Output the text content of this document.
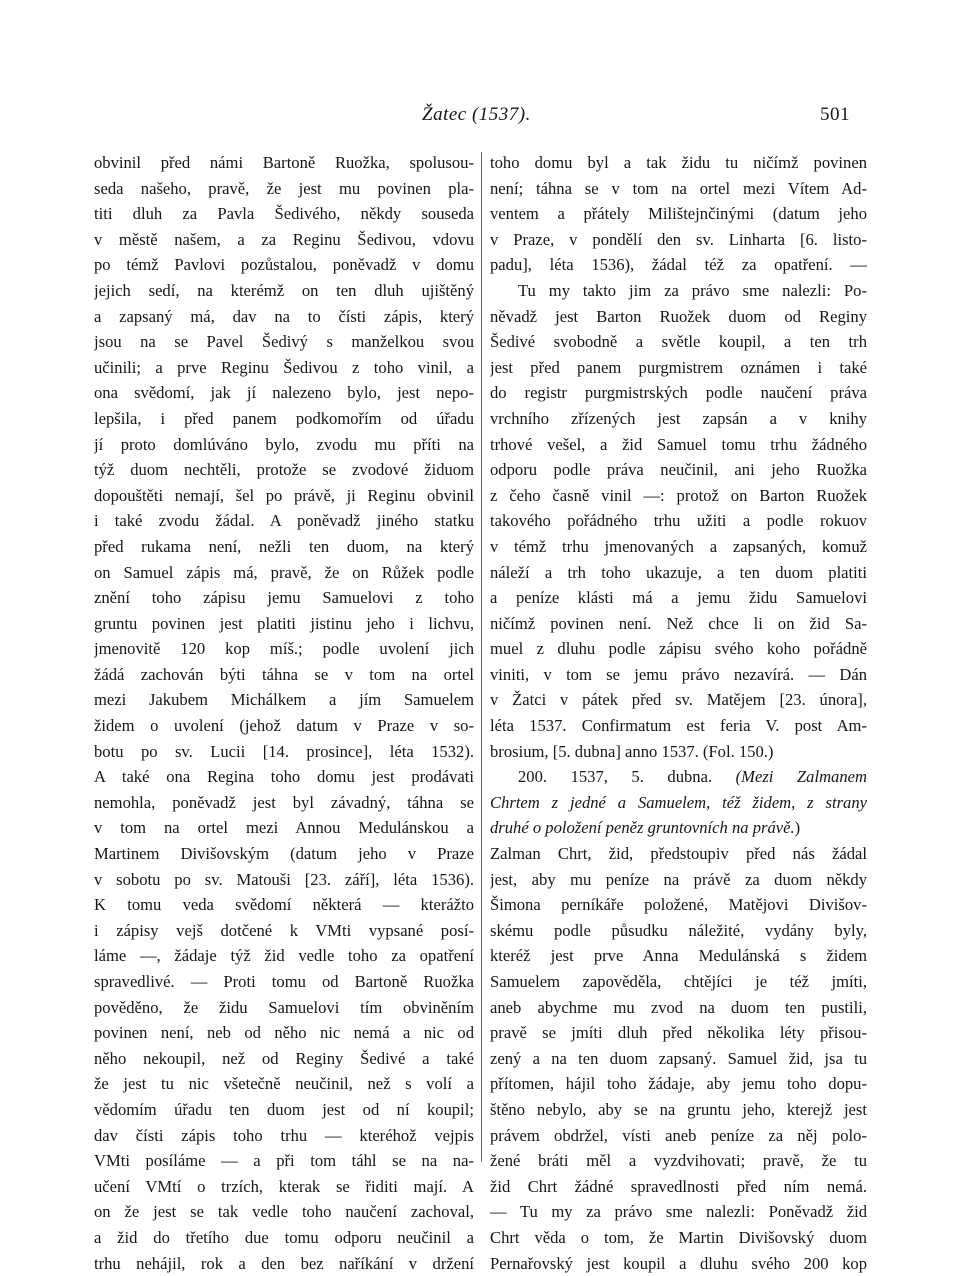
Žatec (1537).	501
obvinil před námi Bartoně Ruožka, spolusou-
seda našeho, pravě, že jest mu povinen pla-
titi dluh za Pavla Šedivého, někdy souseda
v městě našem, a za Reginu Šedivou, vdovu
po témž Pavlovi pozůstalou, poněvadž v domu
jejich sedí, na kterémž on ten dluh ujištěný
a zapsaný má, dav na to čísti zápis, který
jsou na se Pavel Šedivý s manželkou svou
učinili; a prve Reginu Šedivou z toho vinil, a
ona svědomí, jak jí nalezeno bylo, jest nepo-
lepšila, i před panem podkomořím od úřadu
jí proto domlúváno bylo, zvodu mu příti na
týž duom nechtěli, protože se zvodové židuom
dopouštěti nemají, šel po právě, ji Reginu obvinil
i také zvodu žádal. A poněvadž jiného statku
před rukama není, nežli ten duom, na který
on Samuel zápis má, pravě, že on Růžek podle
znění toho zápisu jemu Samuelovi z toho
gruntu povinen jest platiti jistinu jeho i lichvu,
jmenovitě 120 kop míš.; podle uvolení jich
žádá zachován býti táhna se v tom na ortel
mezi Jakubem Michálkem a jím Samuelem
židem o uvolení (jehož datum v Praze v so-
botu po sv. Lucii [14. prosince], léta 1532).
A také ona Regina toho domu jest prodávati
nemohla, poněvadž jest byl závadný, táhna se
v tom na ortel mezi Annou Medulánskou a
Martinem Divišovským (datum jeho v Praze
v sobotu po sv. Matouši [23. září], léta 1536).
K tomu veda svědomí některá — kterážto
i zápisy vejš dotčené k VMti vypsané posí-
láme —, žádaje týž žid vedle toho za opatření
spravedlivé. — Proti tomu od Bartoně Ruožka
pověděno, že židu Samuelovi tím obviněním
povinen není, neb od něho nic nemá a nic od
něho nekoupil, než od Reginy Šedivé a také
že jest tu nic všetečně neučinil, než s volí a
vědomím úřadu ten duom jest od ní koupil;
dav čísti zápis toho trhu — kteréhož vejpis
VMti posíláme — a při tom táhl se na na-
učení VMtí o trzích, kterak se řiditi mají. A
on že jest se tak vedle toho naučení zachoval,
a žid do třetího due tomu odporu neučinil a
trhu nehájil, rok a den bez naříkání v držení
toho domu byl a tak židu tu ničímž povinen
není; táhna se v tom na ortel mezi Vítem Ad-
ventem a přátely Milištejnčinými (datum jeho
v Praze, v pondělí den sv. Linharta [6. listo-
padu], léta 1536), žádal též za opatření. —
Tu my takto jim za právo sme nalezli: Po-
něvadž jest Barton Ruožek duom od Reginy
Šedivé svobodně a světle koupil, a ten trh
jest před panem purgmistrem oznámen i také
do registr purgmistrských podle naučení práva
vrchního zřízených jest zapsán a v knihy
trhové vešel, a žid Samuel tomu trhu žádného
odporu podle práva neučinil, ani jeho Ruožka
z čeho časně vinil —: protož on Barton Ruožek
takového pořádného trhu užiti a podle rokuov
v témž trhu jmenovaných a zapsaných, komuž
náleží a trh toho ukazuje, a ten duom platiti
a peníze klásti má a jemu židu Samuelovi
ničímž povinen není. Než chce li on žid Sa-
muel z dluhu podle zápisu svého koho pořádně
viniti, v tom se jemu právo nezavírá. — Dán
v Žatci v pátek před sv. Matějem [23. února],
léta 1537. Confirmatum est feria V. post Am-
brosium, [5. dubna] anno 1537. (Fol. 150.)
200. 1537, 5. dubna. (Mezi Zalmanem
Chrtem z jedné a Samuelem, též židem, z strany
druhé o položení peněz gruntovních na právě.)
Zalman Chrt, žid, předstoupiv před nás žádal
jest, aby mu peníze na právě za duom někdy
Šimona perníkáře položené, Matějovi Divišov-
skému podle půsudku náležité, vydány byly,
kteréž jest prve Anna Medulánská s židem
Samuelem zapověděla, chtějíci je též jmíti,
aneb abychme mu zvod na duom ten pustili,
pravě se jmíti dluh před několika léty přisou-
zený a na ten duom zapsaný. Samuel žid, jsa tu
přítomen, hájil toho žádaje, aby jemu toho dopu-
štěno nebylo, aby se na gruntu jeho, kterejž jest
právem obdržel, vísti aneb peníze za něj polo-
žené bráti měl a vyzdvihovati; pravě, že tu
žid Chrt žádné spravedlnosti před ním nemá.
— Tu my za právo sme nalezli: Poněvadž žid
Chrt věda o tom, že Martin Divišovský duom
Pernařovský jest koupil a dluhu svého 200 kop
